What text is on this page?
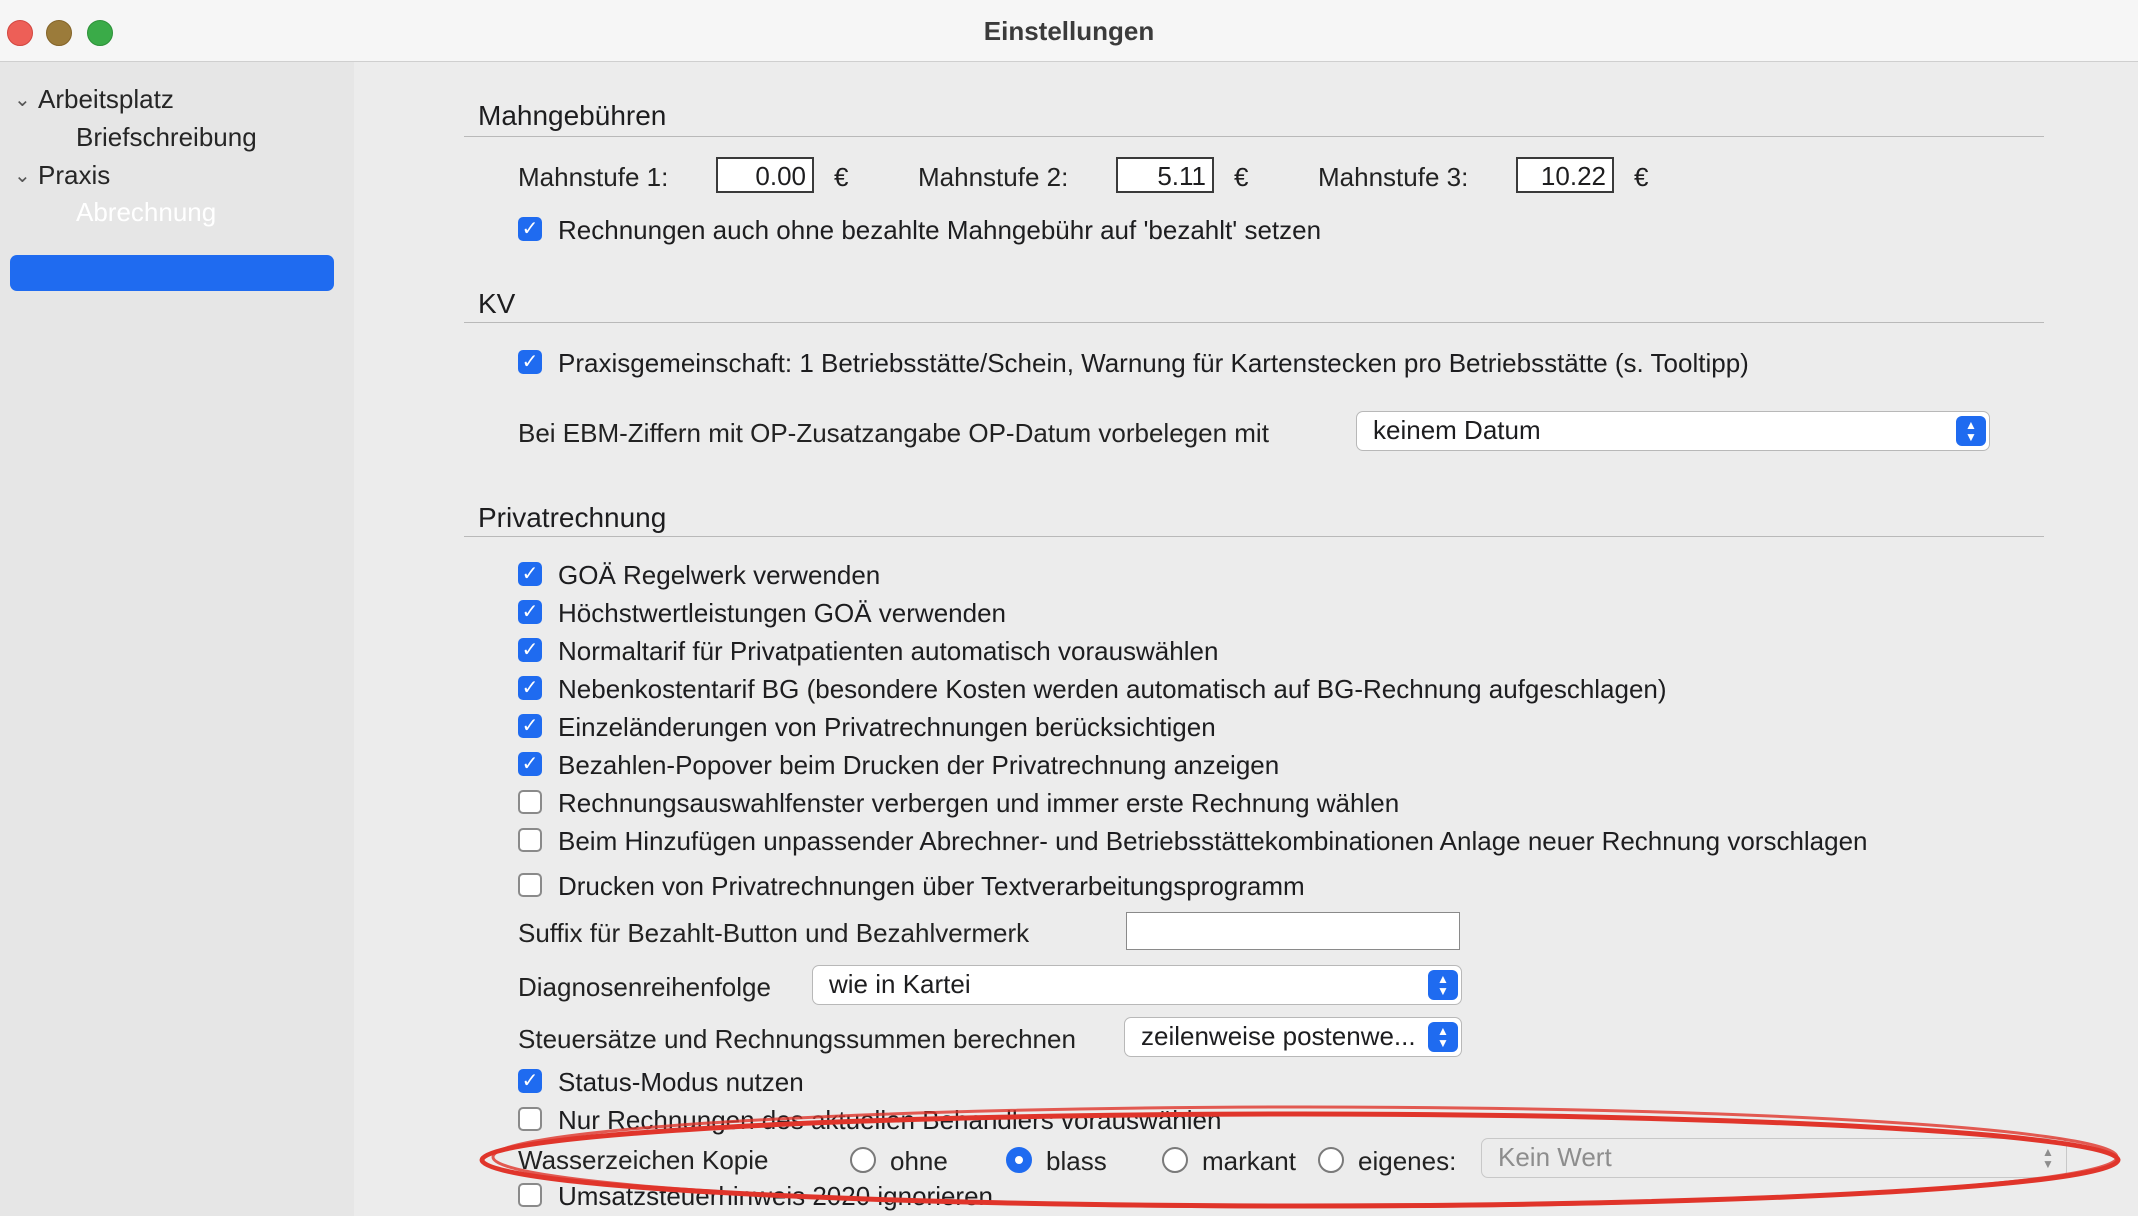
Einstellungen
⌄ Arbeitsplatz
Briefschreibung
⌄ Praxis
Abrechnung
Mahngebühren
Mahnstufe 1:	0.00	€	Mahnstufe 2:	5.11	€	Mahnstufe 3:	10.22	€
✓ Rechnungen auch ohne bezahlte Mahngebühr auf 'bezahlt' setzen
KV
✓ Praxisgemeinschaft: 1 Betriebsstätte/Schein, Warnung für Kartenstecken pro Betriebsstätte (s. Tooltipp)
Bei EBM-Ziffern mit OP-Zusatzangabe OP-Datum vorbelegen mit	keinem Datum	▲
▼
Privatrechnung
✓ GOÄ Regelwerk verwenden
✓ Höchstwertleistungen GOÄ verwenden
✓ Normaltarif für Privatpatienten automatisch vorauswählen
✓ Nebenkostentarif BG (besondere Kosten werden automatisch auf BG-Rechnung aufgeschlagen)
✓ Einzeländerungen von Privatrechnungen berücksichtigen
✓ Bezahlen-Popover beim Drucken der Privatrechnung anzeigen
Rechnungsauswahlfenster verbergen und immer erste Rechnung wählen
Beim Hinzufügen unpassender Abrechner- und Betriebsstättekombinationen Anlage neuer Rechnung vorschlagen
Drucken von Privatrechnungen über Textverarbeitungsprogramm
Suffix für Bezahlt-Button und Bezahlvermerk
Diagnosenreihenfolge	wie in Kartei	▲
▼
Steuersätze und Rechnungssummen berechnen	zeilenweise postenwe... ▲
▼
✓ Status-Modus nutzen
Nur Rechnungen des aktuellen Behandlers vorauswählen
Wasserzeichen Kopie	ohne	blass	markant eigenes:	Kein Wert	▲
▼
Umsatzsteuerhinweis 2020 ignorieren
